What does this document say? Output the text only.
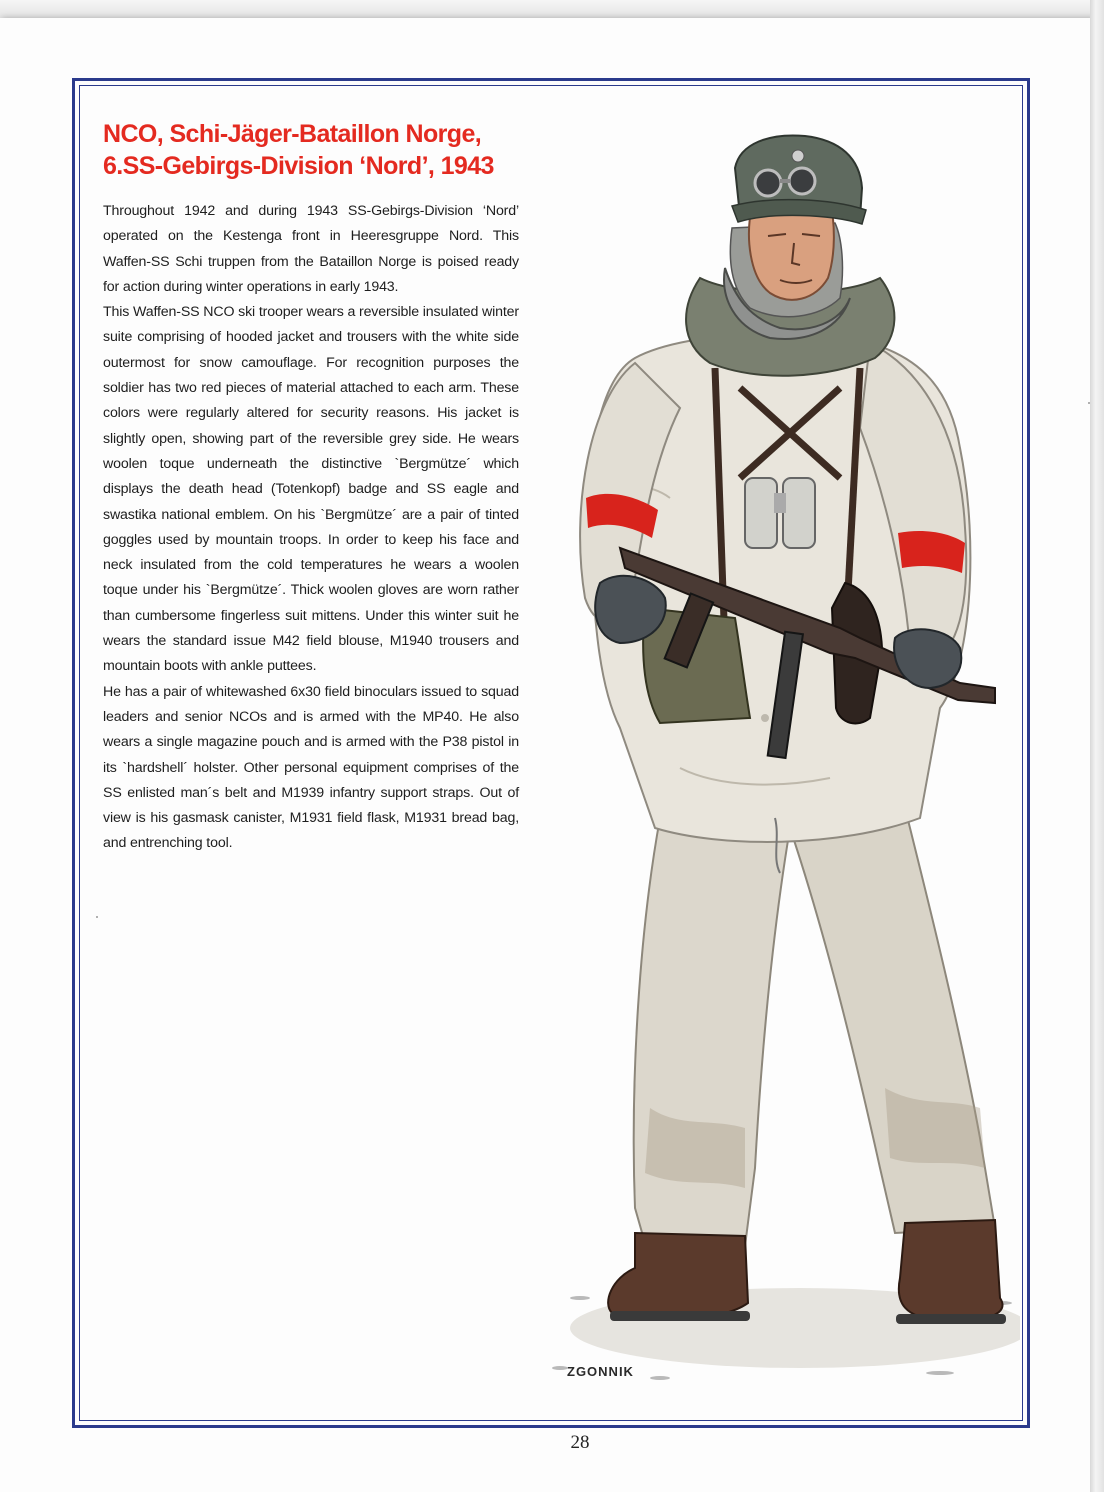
NCO, Schi-Jäger-Bataillon Norge,
6.SS-Gebirgs-Division ‘Nord’, 1943

Throughout 1942 and during 1943 SS-Gebirgs-Division ‘Nord’ operated on the Kestenga front in Heeresgruppe Nord. This Waffen-SS Schi truppen from the Bataillon Norge is poised ready for action during winter operations in early 1943.

This Waffen-SS NCO ski trooper wears a reversible insulated winter suite comprising of hooded jacket and trousers with the white side outermost for snow camouflage. For recognition purposes the soldier has two red pieces of material attached to each arm. These colors were regularly altered for security reasons. His jacket is slightly open, showing part of the reversible grey side. He wears woolen toque underneath the distinctive `Bergmütze´ which displays the death head (Totenkopf) badge and SS eagle and swastika national emblem. On his `Bergmütze´ are a pair of tinted goggles used by mountain troops. In order to keep his face and neck insulated from the cold temperatures he wears a woolen toque under his `Bergmütze´. Thick woolen gloves are worn rather than cumbersome fingerless suit mittens. Under this winter suit he wears the standard issue M42 field blouse, M1940 trousers and mountain boots with ankle puttees.

He has a pair of whitewashed 6x30 field binoculars issued to squad leaders and senior NCOs and is armed with the MP40. He also wears a single magazine pouch and is armed with the P38 pistol in its `hardshell´ holster. Other personal equipment comprises of the SS enlisted man´s belt and M1939 infantry support straps. Out of view is his gasmask canister, M1931 field flask, M1931 bread bag, and entrenching tool.

ZGONNIK
28
